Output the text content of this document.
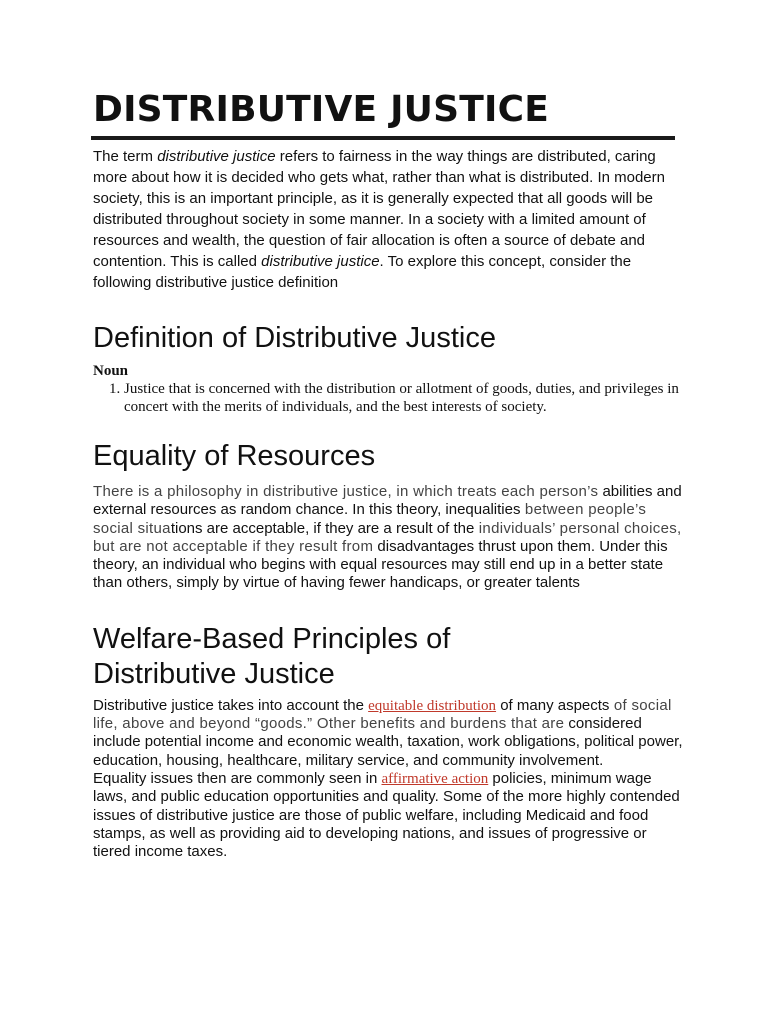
DISTRIBUTIVE JUSTICE

The term distributive justice refers to fairness in the way things are distributed, caring more about how it is decided who gets what, rather than what is distributed. In modern society, this is an important principle, as it is generally expected that all goods will be distributed throughout society in some manner. In a society with a limited amount of resources and wealth, the question of fair allocation is often a source of debate and contention. This is called distributive justice. To explore this concept, consider the following distributive justice definition

Definition of Distributive Justice
Noun
1. Justice that is concerned with the distribution or allotment of goods, duties, and privileges in concert with the merits of individuals, and the best interests of society.
Equality of Resources
There is a philosophy in distributive justice, in which treats each person’s abilities and external resources as random chance. In this theory, inequalities between people’s social situations are acceptable, if they are a result of the individuals’ personal choices, but are not acceptable if they result from disadvantages thrust upon them. Under this theory, an individual who begins with equal resources may still end up in a better state than others, simply by virtue of having fewer handicaps, or greater talents
Welfare-Based Principles of
Distributive Justice
Distributive justice takes into account the equitable distribution of many aspects of social life, above and beyond “goods.” Other benefits and burdens that are considered include potential income and economic wealth, taxation, work obligations, political power, education, housing, healthcare, military service, and community involvement.
Equality issues then are commonly seen in affirmative action policies, minimum wage laws, and public education opportunities and quality. Some of the more highly contended issues of distributive justice are those of public welfare, including Medicaid and food stamps, as well as providing aid to developing nations, and issues of progressive or tiered income taxes.
